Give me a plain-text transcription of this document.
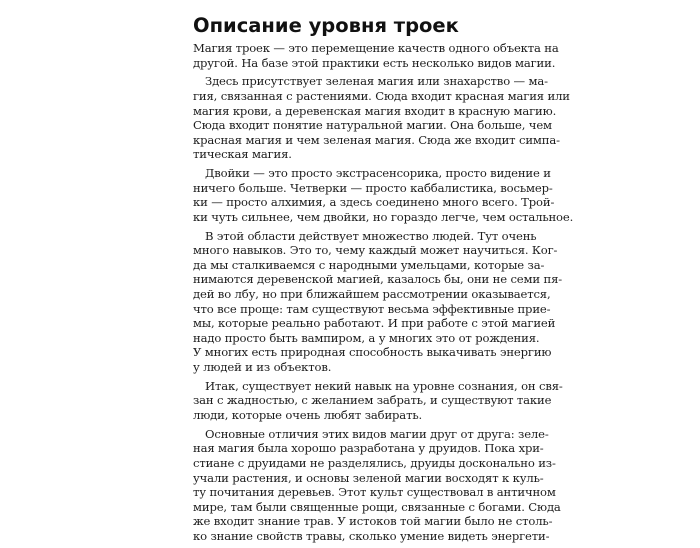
Описание уровня троек
Магия троек — это перемещение качеств одного объекта на
другой. На базе этой практики есть несколько видов магии.
Здесь присутствует зеленая магия или знахарство — ма-
гия, связанная с растениями. Сюда входит красная магия или
магия крови, а деревенская магия входит в красную магию.
Сюда входит понятие натуральной магии. Она больше, чем
красная магия и чем зеленая магия. Сюда же входит симпа-
тическая магия.
Двойки — это просто экстрасенсорика, просто видение и
ничего больше. Четверки — просто каббалистика, восьмер-
ки — просто алхимия, а здесь соединено много всего. Трой-
ки чуть сильнее, чем двойки, но гораздо легче, чем остальное.
В этой области действует множество людей. Тут очень
много навыков. Это то, чему каждый может научиться. Ког-
да мы сталкиваемся с народными умельцами, которые за-
нимаются деревенской магией, казалось бы, они не семи пя-
дей во лбу, но при ближайшем рассмотрении оказывается,
что все проще: там существуют весьма эффективные прие-
мы, которые реально работают. И при работе с этой магией
надо просто быть вампиром, а у многих это от рождения.
У многих есть природная способность выкачивать энергию
у людей и из объектов.
Итак, существует некий навык на уровне сознания, он свя-
зан с жадностью, с желанием забрать, и существуют такие
люди, которые очень любят забирать.
Основные отличия этих видов магии друг от друга: зеле-
ная магия была хорошо разработана у друидов. Пока хри-
стиане с друидами не разделялись, друиды досконально из-
учали растения, и основы зеленой магии восходят к куль-
ту почитания деревьев. Этот культ существовал в античном
мире, там были священные рощи, связанные с богами. Сюда
же входит знание трав. У истоков той магии было не столь-
ко знание свойств травы, сколько умение видеть энергети-
